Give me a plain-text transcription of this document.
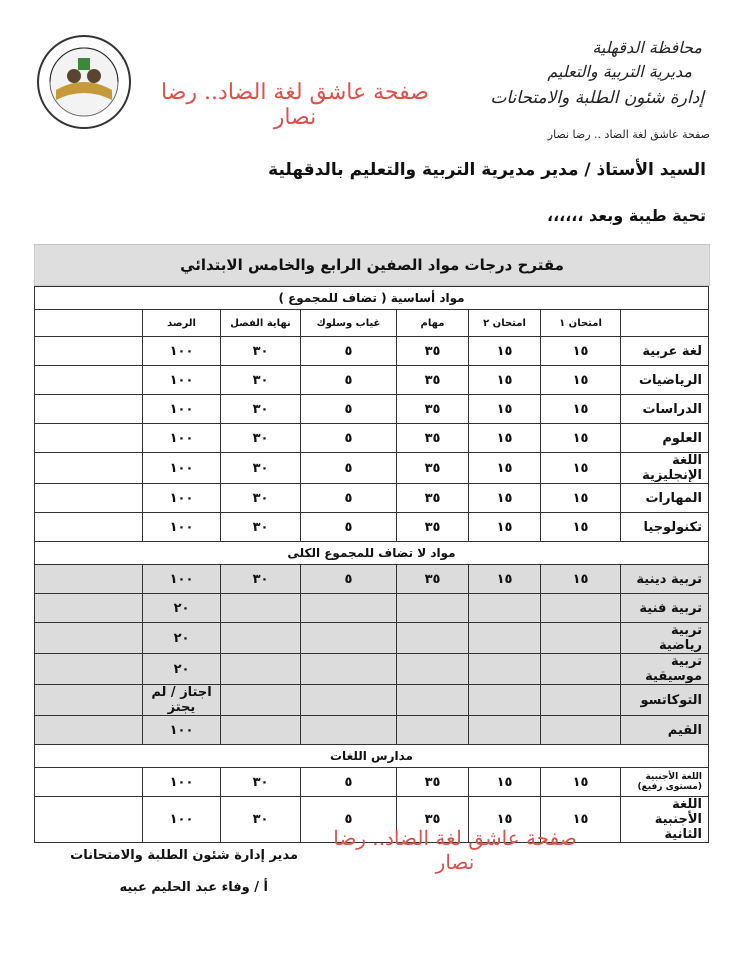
صفحة عاشق لغة الضاد.. رضا نصار
محافظة الدقهلية
مديرية التربية والتعليم
إدارة شئون الطلبة والامتحانات
صفحة عاشق لغة الضاد .. رضا نصار
السيد الأستاذ / مدير مديرية التربية والتعليم بالدقهلية
تحية طيبة وبعد ،،،،،،
مقترح درجات مواد الصفين الرابع والخامس الابتدائي
مواد أساسية ( تضاف للمجموع )							
	امتحان ١	امتحان ٢	مهام	غياب وسلوك	نهاية الفصل	الرصد	
لغة عربية	١٥	١٥	٣٥	٥	٣٠	١٠٠	
الرياضيات	١٥	١٥	٣٥	٥	٣٠	١٠٠	
الدراسات	١٥	١٥	٣٥	٥	٣٠	١٠٠	
العلوم	١٥	١٥	٣٥	٥	٣٠	١٠٠	
اللغة الإنجليزية	١٥	١٥	٣٥	٥	٣٠	١٠٠	
المهارات	١٥	١٥	٣٥	٥	٣٠	١٠٠	
تكنولوجيا	١٥	١٥	٣٥	٥	٣٠	١٠٠	
مواد لا تضاف للمجموع الكلى							
تربية دينية	١٥	١٥	٣٥	٥	٣٠	١٠٠	
تربية فنية						٢٠	
تربية رياضية						٢٠	
تربية موسيقية						٢٠	
التوكاتسو						اجتاز / لم يجتز	
القيم						١٠٠	
مدارس اللغات							
اللغة الأجنبية (مستوى رفيع)	١٥	١٥	٣٥	٥	٣٠	١٠٠	
اللغة الأجنبية الثانية	١٥	١٥	٣٥	٥	٣٠	١٠٠	
صفحة عاشق لغة الضاد.. رضا نصار
مدير إدارة شئون الطلبة والامتحانات
أ / وفاء عبد الحليم عبيه
